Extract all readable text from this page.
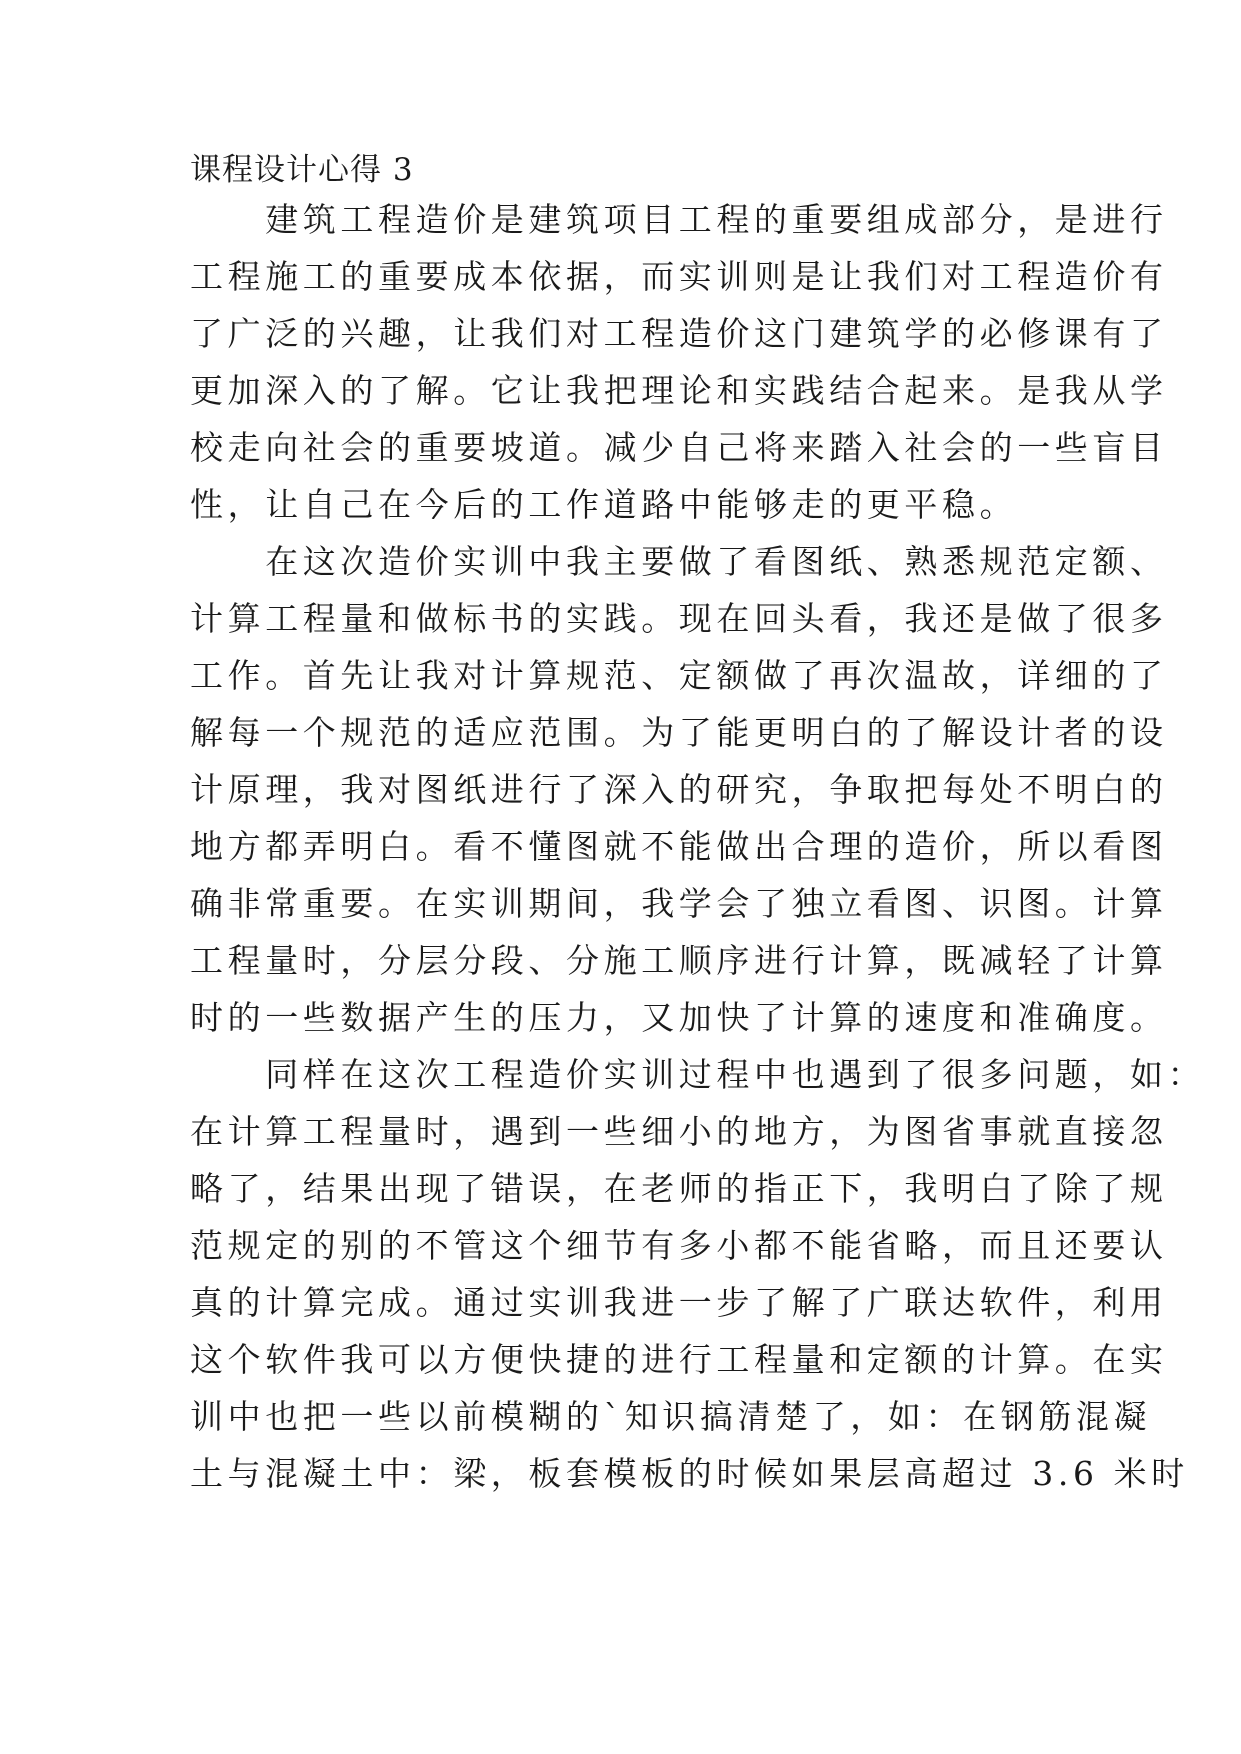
课程设计心得 3
　　建筑工程造价是建筑项目工程的重要组成部分，是进行
工程施工的重要成本依据，而实训则是让我们对工程造价有
了广泛的兴趣，让我们对工程造价这门建筑学的必修课有了
更加深入的了解。它让我把理论和实践结合起来。是我从学
校走向社会的重要坡道。减少自己将来踏入社会的一些盲目
性，让自己在今后的工作道路中能够走的更平稳。
　　在这次造价实训中我主要做了看图纸、熟悉规范定额、
计算工程量和做标书的实践。现在回头看，我还是做了很多
工作。首先让我对计算规范、定额做了再次温故，详细的了
解每一个规范的适应范围。为了能更明白的了解设计者的设
计原理，我对图纸进行了深入的研究，争取把每处不明白的
地方都弄明白。看不懂图就不能做出合理的造价，所以看图
确非常重要。在实训期间，我学会了独立看图、识图。计算
工程量时，分层分段、分施工顺序进行计算，既减轻了计算
时的一些数据产生的压力，又加快了计算的速度和准确度。
　　同样在这次工程造价实训过程中也遇到了很多问题，如：
在计算工程量时，遇到一些细小的地方，为图省事就直接忽
略了，结果出现了错误，在老师的指正下，我明白了除了规
范规定的别的不管这个细节有多小都不能省略，而且还要认
真的计算完成。通过实训我进一步了解了广联达软件，利用
这个软件我可以方便快捷的进行工程量和定额的计算。在实
训中也把一些以前模糊的`知识搞清楚了，如：在钢筋混凝
土与混凝土中：梁，板套模板的时候如果层高超过 3.6 米时
